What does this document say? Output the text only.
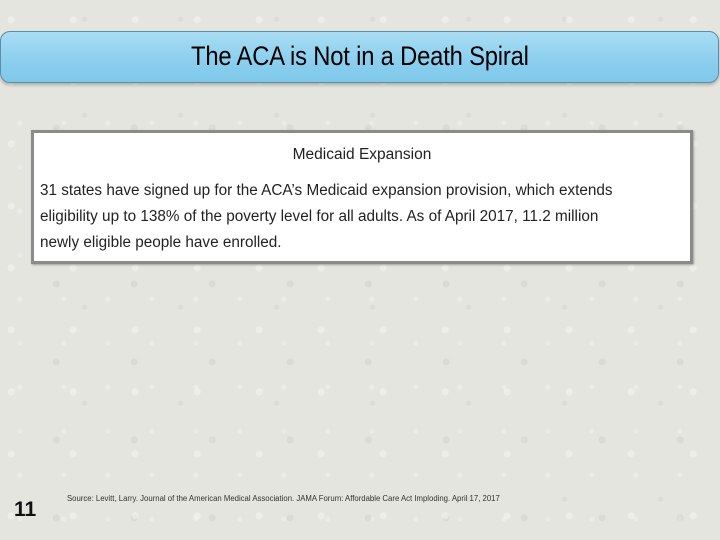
The ACA is Not in a Death Spiral
Medicaid Expansion
31 states have signed up for the ACA’s Medicaid expansion provision, which extends
eligibility up to 138% of the poverty level for all adults. As of April 2017, 11.2 million
newly eligible people have enrolled.
11	Source: Levitt, Larry. Journal of the American Medical Association. JAMA Forum: Affordable Care Act Imploding. April 17, 2017
